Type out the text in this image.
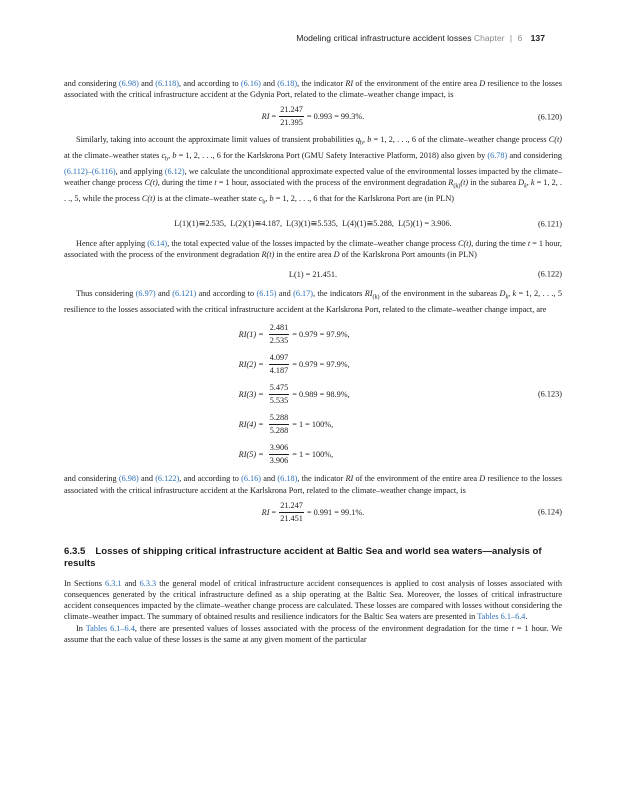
Modeling critical infrastructure accident losses Chapter | 6 137

and considering (6.98) and (6.118), and according to (6.16) and (6.18), the indicator RI of the environment of the entire area D resilience to the losses associated with the critical infrastructure accident at the Gdynia Port, related to the climate–weather change impact, is

RI
= $\frac{21.247}{21.395} = 0.993 = 99.3\%$.	(6.120)

Similarly, taking into account the approximate limit values of transient probabilities $q_b$, b = 1, 2, . . ., 6 of the climate–weather change process C(t) at the climate–weather states $c_b$, b = 1, 2, . . ., 6 for the Karlskrona Port (GMU Safety Interactive Platform, 2018) also given by (6.78) and considering (6.112)–(6.116), and applying (6.12), we calculate the unconditional approximate expected value of the environmental losses impacted by the climate–weather change process C(t), during the time t = 1 hour, associated with the process of the environment degradation $R_{(k)}(t)$ in the subarea $D_k$, k = 1, 2, . . ., 5, while the process C(t) is at the climate–weather state $c_b$, b = 1, 2, . . ., 6 that for the Karlskrona Port are (in PLN)

L(1)(1)≅2.535,
L(2)(1)≅4.187,
L(3)(1)≅5.535,
L(4)(1)≅5.288,
L(5)(1) = 3.906.	(6.121)

Hence after applying (6.14), the total expected value of the losses impacted by the climate–weather change process C(t), during the time t = 1 hour, associated with the process of the environment degradation R(t) in the entire area D of the Karlskrona Port amounts (in PLN)

L(1) = 21.451.	(6.122)

Thus considering (6.97) and (6.121) and according to (6.15) and (6.17), the indicators $RI_{(k)}$ of the environment in the subareas $D_k$, k = 1, 2, . . ., 5 resilience to the losses associated with the critical infrastructure accident at the Karlskrona Port, related to the climate–weather change impact, are

$RI(1) = \frac{2.481}{2.535} = 0.979 = 97.9\%$,
$RI(2) = \frac{4.097}{4.187} = 0.979 = 97.9\%$,
$RI(3) = \frac{5.475}{5.535} = 0.989 = 98.9\%$,
$RI(4) = \frac{5.288}{5.288} = 1 = 100\%$,
$RI(5) = \frac{3.906}{3.906} = 1 = 100\%$,
(6.123)

and considering (6.98) and (6.122), and according to (6.16) and (6.18), the indicator RI of the environment of the entire area D resilience to the losses associated with the critical infrastructure accident at the Karlskrona Port, related to the climate–weather change impact, is

RI
= $\frac{21.247}{21.451} = 0.991 = 99.1\%$.	(6.124)
6.3.5 Losses of shipping critical infrastructure accident at Baltic Sea and world sea waters—analysis of results

In Sections 6.3.1 and 6.3.3 the general model of critical infrastructure accident consequences is applied to cost analysis of losses associated with consequences generated by the critical infrastructure defined as a ship operating at the Baltic Sea. Moreover, the losses of critical infrastructure accident consequences impacted by the climate–weather change process are calculated. These losses are compared with losses without considering the climate–weather impact. The summary of obtained results and resilience indicators for the Baltic Sea waters are presented in Tables 6.1–6.4.

In Tables 6.1–6.4, there are presented values of losses associated with the process of the environment degradation for the time t = 1 hour. We assume that the each value of these losses is the same at any given moment of the particular
